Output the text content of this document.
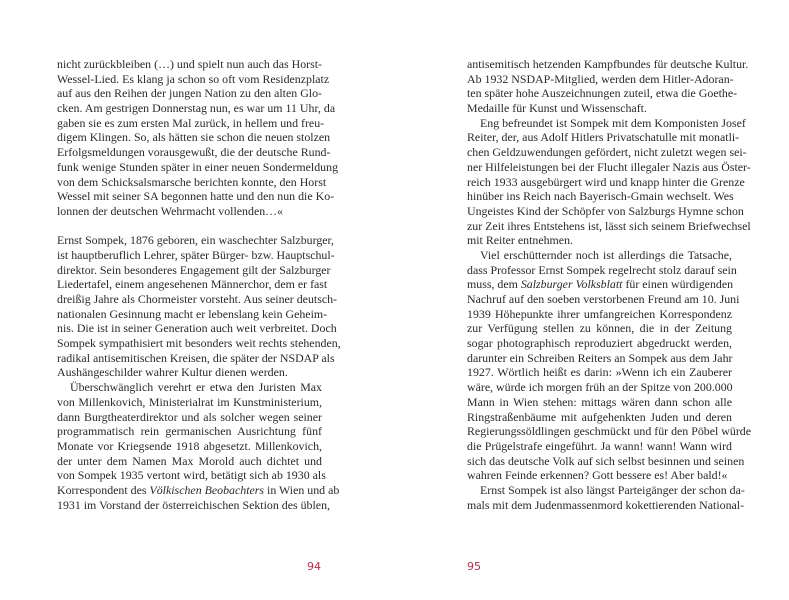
nicht zurückbleiben (…) und spielt nun auch das Horst-
Wessel-Lied. Es klang ja schon so oft vom Residenzplatz
auf aus den Reihen der jungen Nation zu den alten Glo-
cken. Am gestrigen Donnerstag nun, es war um 11 Uhr, da
gaben sie es zum ersten Mal zurück, in hellem und freu-
digem Klingen. So, als hätten sie schon die neuen stolzen
Erfolgsmeldungen vorausgewußt, die der deutsche Rund-
funk wenige Stunden später in einer neuen Sondermeldung
von dem Schicksalsmarsche berichten konnte, den Horst
Wessel mit seiner SA begonnen hatte und den nun die Ko-
lonnen der deutschen Wehrmacht vollenden…«
Ernst Sompek, 1876 geboren, ein waschechter Salzburger,
ist hauptberuflich Lehrer, später Bürger- bzw. Hauptschul-
direktor. Sein besonderes Engagement gilt der Salzburger
Liedertafel, einem angesehenen Männerchor, dem er fast
dreißig Jahre als Chormeister vorsteht. Aus seiner deutsch-
nationalen Gesinnung macht er lebenslang kein Geheim-
nis. Die ist in seiner Generation auch weit verbreitet. Doch
Sompek sympathisiert mit besonders weit rechts stehenden,
radikal antisemitischen Kreisen, die später der NSDAP als
Aushängeschilder wahrer Kultur dienen werden.
Überschwänglich verehrt er etwa den Juristen Max
von Millenkovich, Ministerialrat im Kunstministerium,
dann Burgtheaterdirektor und als solcher wegen seiner
programmatisch rein germanischen Ausrichtung fünf
Monate vor Kriegsende 1918 abgesetzt. Millenkovich,
der unter dem Namen Max Morold auch dichtet und
von Sompek 1935 vertont wird, betätigt sich ab 1930 als
Korrespondent des Völkischen Beobachters in Wien und ab
1931 im Vorstand der österreichischen Sektion des üblen,
94
antisemitisch hetzenden Kampfbundes für deutsche Kultur.
Ab 1932 NSDAP-Mitglied, werden dem Hitler-Adoran-
ten später hohe Auszeichnungen zuteil, etwa die Goethe-
Medaille für Kunst und Wissenschaft.
Eng befreundet ist Sompek mit dem Komponisten Josef
Reiter, der, aus Adolf Hitlers Privatschatulle mit monatli-
chen Geldzuwendungen gefördert, nicht zuletzt wegen sei-
ner Hilfeleistungen bei der Flucht illegaler Nazis aus Öster-
reich 1933 ausgebürgert wird und knapp hinter die Grenze
hinüber ins Reich nach Bayerisch-Gmain wechselt. Wes
Ungeistes Kind der Schöpfer von Salzburgs Hymne schon
zur Zeit ihres Entstehens ist, lässt sich seinem Briefwechsel
mit Reiter entnehmen.
Viel erschütternder noch ist allerdings die Tatsache,
dass Professor Ernst Sompek regelrecht stolz darauf sein
muss, dem Salzburger Volksblatt für einen würdigenden
Nachruf auf den soeben verstorbenen Freund am 10. Juni
1939 Höhepunkte ihrer umfangreichen Korrespondenz
zur Verfügung stellen zu können, die in der Zeitung
sogar photographisch reproduziert abgedruckt werden,
darunter ein Schreiben Reiters an Sompek aus dem Jahr
1927. Wörtlich heißt es darin: »Wenn ich ein Zauberer
wäre, würde ich morgen früh an der Spitze von 200.000
Mann in Wien stehen: mittags wären dann schon alle
Ringstraßenbäume mit aufgehenkten Juden und deren
Regierungssöldlingen geschmückt und für den Pöbel würde
die Prügelstrafe eingeführt. Ja wann! wann! Wann wird
sich das deutsche Volk auf sich selbst besinnen und seinen
wahren Feinde erkennen? Gott bessere es! Aber bald!«
Ernst Sompek ist also längst Parteigänger der schon da-
mals mit dem Judenmassenmord kokettierenden National-
95
